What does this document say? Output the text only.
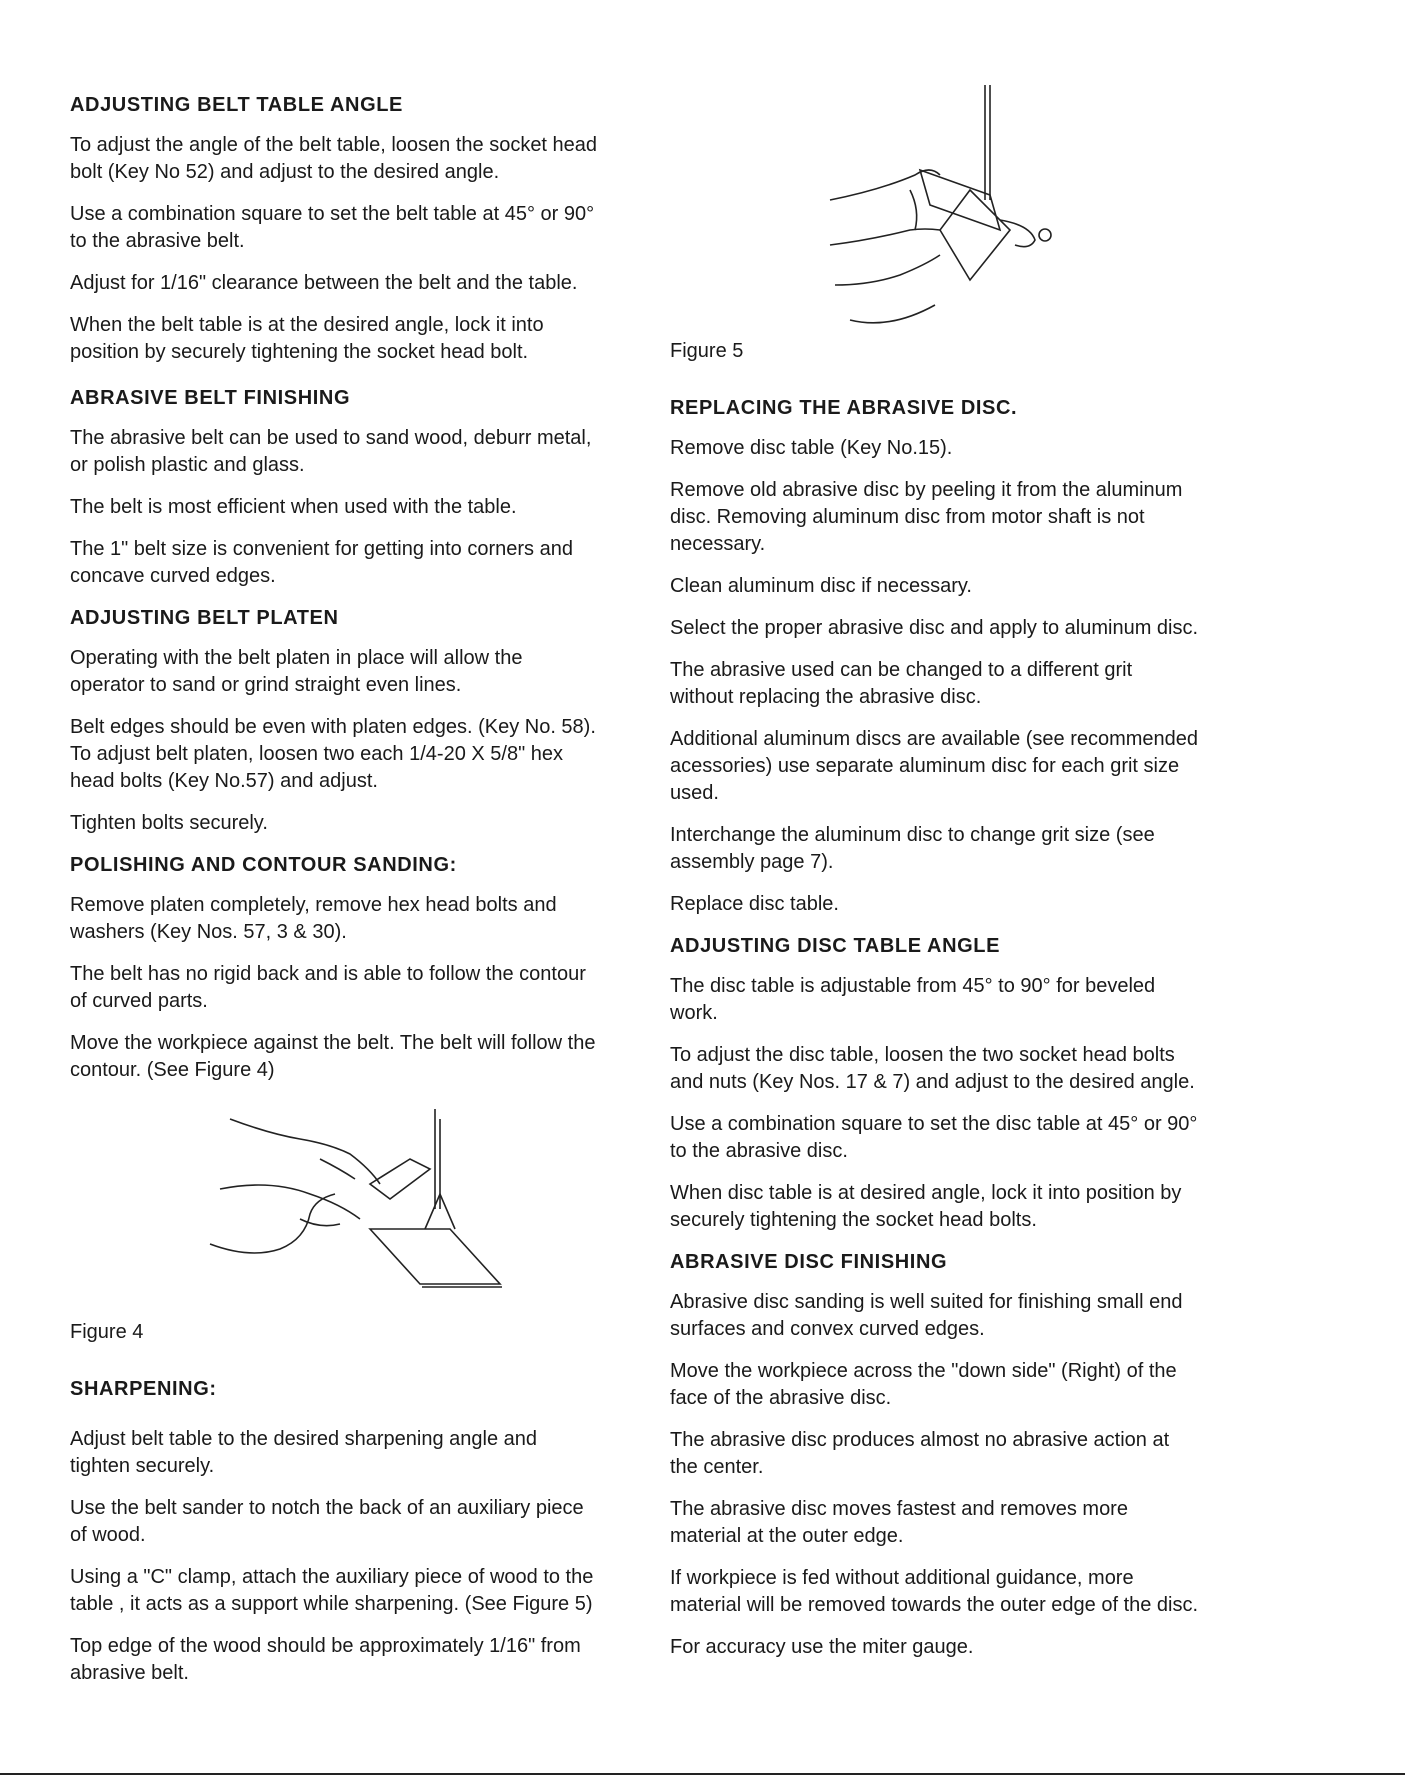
ADJUSTING BELT TABLE ANGLE

To adjust the angle of the belt table, loosen the socket head bolt (Key No 52) and adjust to the desired angle.

Use a combination square to set the belt table at 45° or 90° to the abrasive belt.

Adjust for 1/16" clearance between the belt and the table.

When the belt table is at the desired angle, lock it into position by securely tightening the socket head bolt.

ABRASIVE BELT FINISHING

The abrasive belt can be used to sand wood, deburr metal, or polish plastic and glass.

The belt is most efficient when used with the table.

The 1" belt size is convenient for getting into corners and concave curved edges.

ADJUSTING BELT PLATEN

Operating with the belt platen in place will allow the operator to sand or grind straight even lines.

Belt edges should be even with platen edges. (Key No. 58). To adjust belt platen, loosen two each 1/4-20 X 5/8" hex head bolts (Key No.57) and adjust.

Tighten bolts securely.

POLISHING AND CONTOUR SANDING:

Remove platen completely, remove hex head bolts and washers (Key Nos. 57, 3 & 30).

The belt has no rigid back and is able to follow the contour of curved parts.

Move the workpiece against the belt. The belt will follow the contour. (See Figure 4)

Figure 4

SHARPENING:

Adjust belt table to the desired sharpening angle and tighten securely.

Use the belt sander to notch the back of an auxiliary piece of wood.

Using a "C" clamp, attach the auxiliary piece of wood to the table , it acts as a support while sharpening. (See Figure 5)

Top edge of the wood should be approximately 1/16" from abrasive belt.

Figure 5

REPLACING THE ABRASIVE DISC.

Remove disc table (Key No.15).

Remove old abrasive disc by peeling it from the aluminum disc. Removing aluminum disc from motor shaft is not necessary.

Clean aluminum disc if necessary.

Select the proper abrasive disc and apply to aluminum disc.

The abrasive used can be changed to a different grit without replacing the abrasive disc.

Additional aluminum discs are available (see recommended acessories) use separate aluminum disc for each grit size used.

Interchange the aluminum disc to change grit size (see assembly page 7).

Replace disc table.

ADJUSTING DISC TABLE ANGLE

The disc table is adjustable from 45° to 90° for beveled work.

To adjust the disc table, loosen the two socket head bolts and nuts (Key Nos. 17 & 7) and adjust to the desired angle.

Use a combination square to set the disc table at 45° or 90° to the abrasive disc.

When disc table is at desired angle, lock it into position by securely tightening the socket head bolts.

ABRASIVE DISC FINISHING

Abrasive disc sanding is well suited for finishing small end surfaces and convex curved edges.

Move the workpiece across the "down side" (Right) of the face of the abrasive disc.

The abrasive disc produces almost no abrasive action at the center.

The abrasive disc moves fastest and removes more material at the outer edge.

If workpiece is fed without additional guidance, more material will be removed towards the outer edge of the disc.

For accuracy use the miter gauge.
